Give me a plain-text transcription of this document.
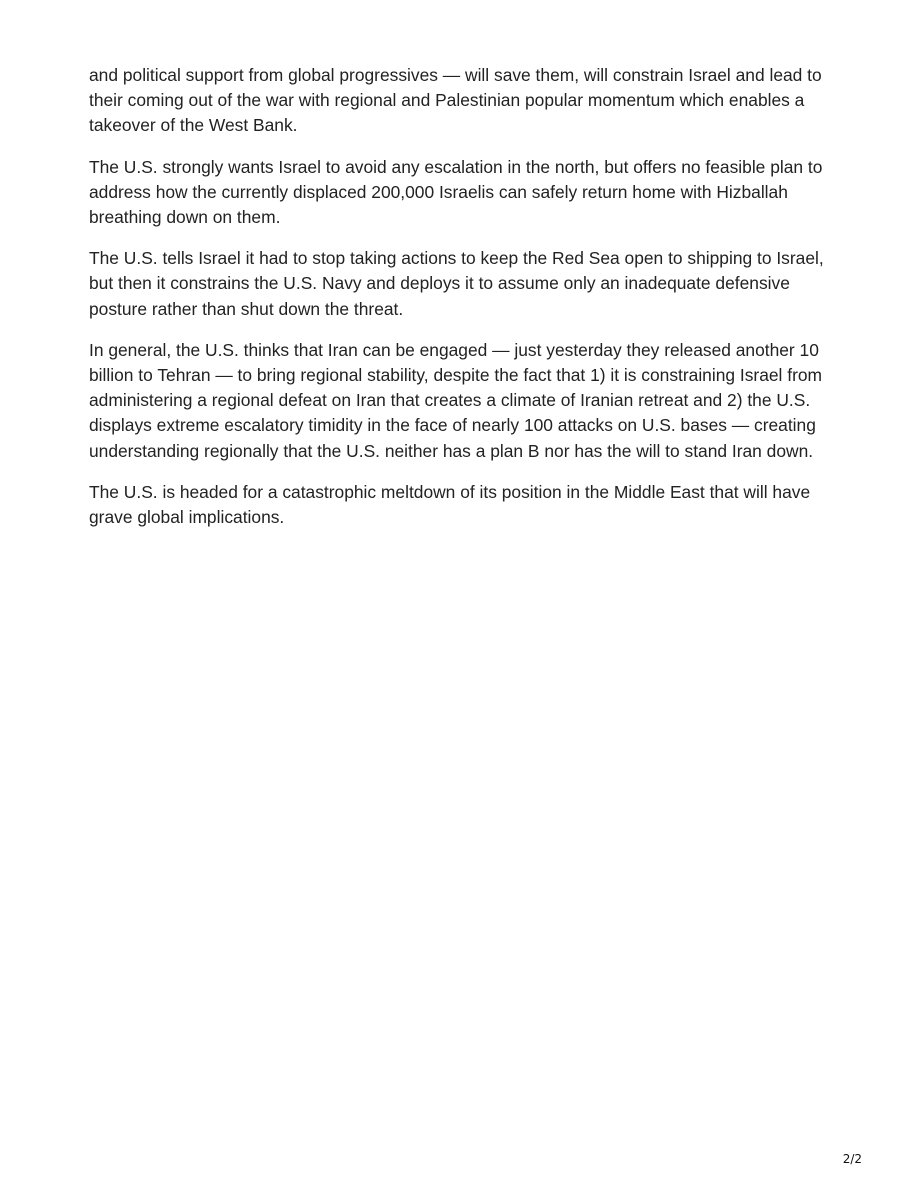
and political support from global progressives — will save them, will constrain Israel and lead to their coming out of the war with regional and Palestinian popular momentum which enables a takeover of the West Bank.

The U.S. strongly wants Israel to avoid any escalation in the north, but offers no feasible plan to address how the currently displaced 200,000 Israelis can safely return home with Hizballah breathing down on them.

The U.S. tells Israel it had to stop taking actions to keep the Red Sea open to shipping to Israel, but then it constrains the U.S. Navy and deploys it to assume only an inadequate defensive posture rather than shut down the threat.

In general, the U.S. thinks that Iran can be engaged — just yesterday they released another 10 billion to Tehran — to bring regional stability, despite the fact that 1) it is constraining Israel from administering a regional defeat on Iran that creates a climate of Iranian retreat and 2) the U.S. displays extreme escalatory timidity in the face of nearly 100 attacks on U.S. bases — creating understanding regionally that the U.S. neither has a plan B nor has the will to stand Iran down.

The U.S. is headed for a catastrophic meltdown of its position in the Middle East that will have grave global implications.

2/2
